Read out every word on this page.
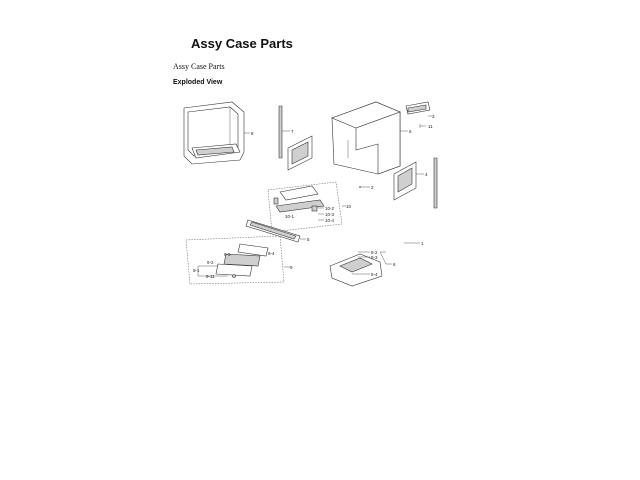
Assy Case Parts
Assy Case Parts
Exploded View
8	7	6
3
11
4
2
10
10-2
10-3
10-4
10-1
5
1
9
9-4
9-3
9-2
9-1
9-11
8-2
8-3
8-4
6
